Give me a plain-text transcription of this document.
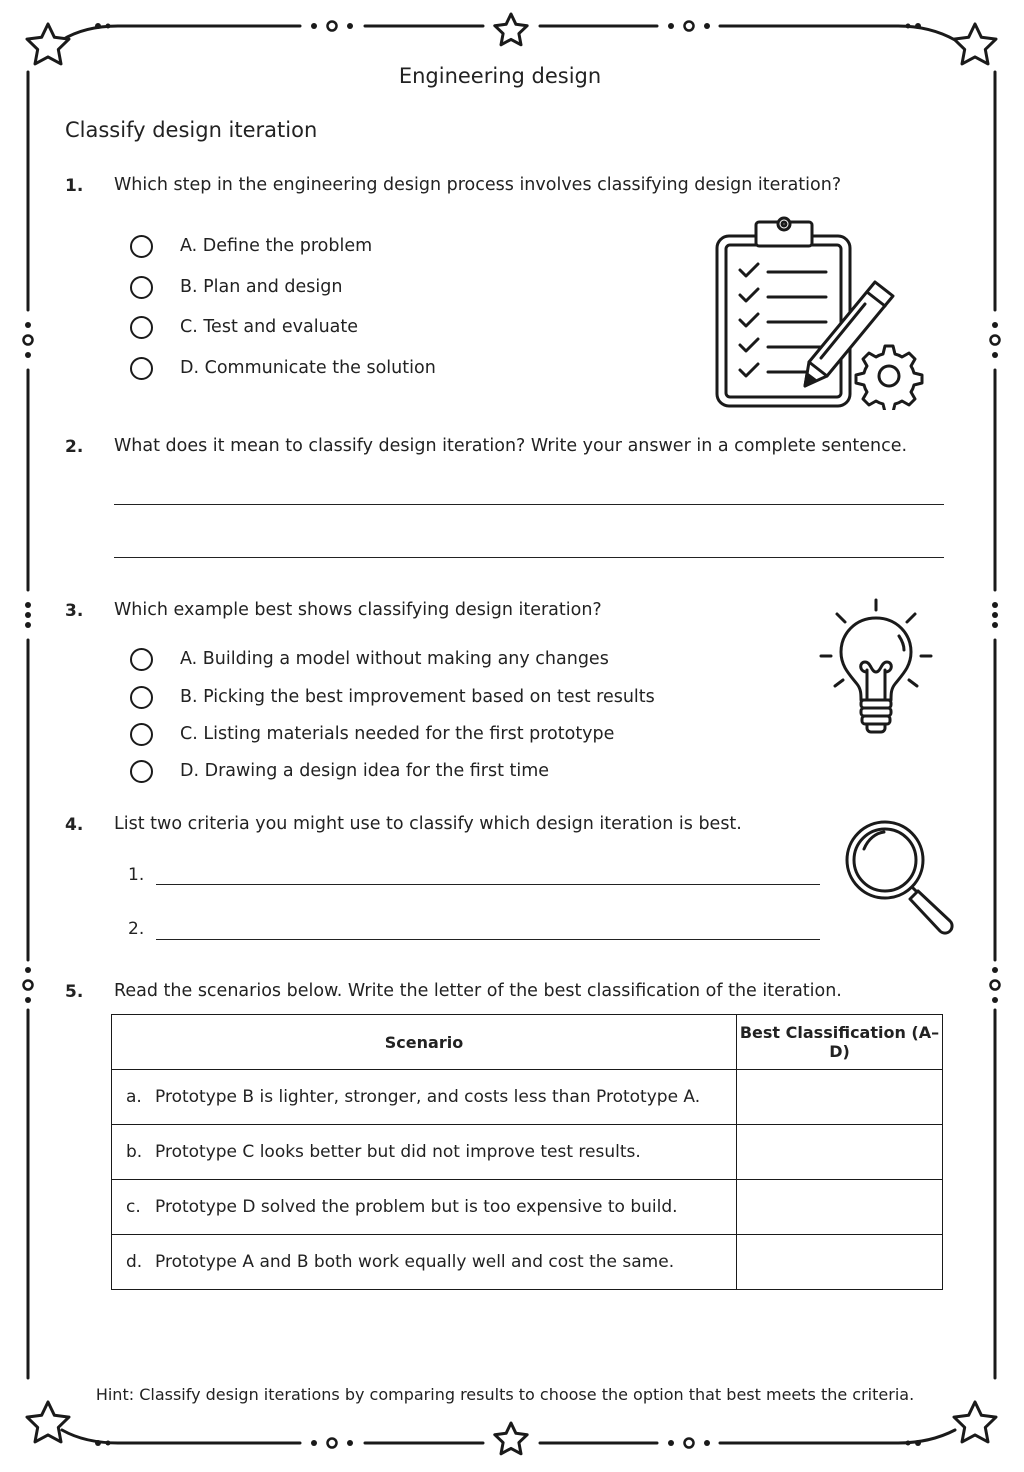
Engineering design
Classify design iteration
1. Which step in the engineering design process involves classifying design iteration?
A. Define the problem
B. Plan and design
C. Test and evaluate
D. Communicate the solution
2. What does it mean to classify design iteration? Write your answer in a complete sentence.
3. Which example best shows classifying design iteration?
A. Building a model without making any changes
B. Picking the best improvement based on test results
C. Listing materials needed for the first prototype
D. Drawing a design idea for the first time
4. List two criteria you might use to classify which design iteration is best.
1.
2.
5. Read the scenarios below. Write the letter of the best classification of the iteration.
Scenario	Best Classification (A–D)
a. Prototype B is lighter, stronger, and costs less than Prototype A.	
b. Prototype C looks better but did not improve test results.	
c. Prototype D solved the problem but is too expensive to build.	
d. Prototype A and B both work equally well and cost the same.	
Hint: Classify design iterations by comparing results to choose the option that best meets the criteria.
